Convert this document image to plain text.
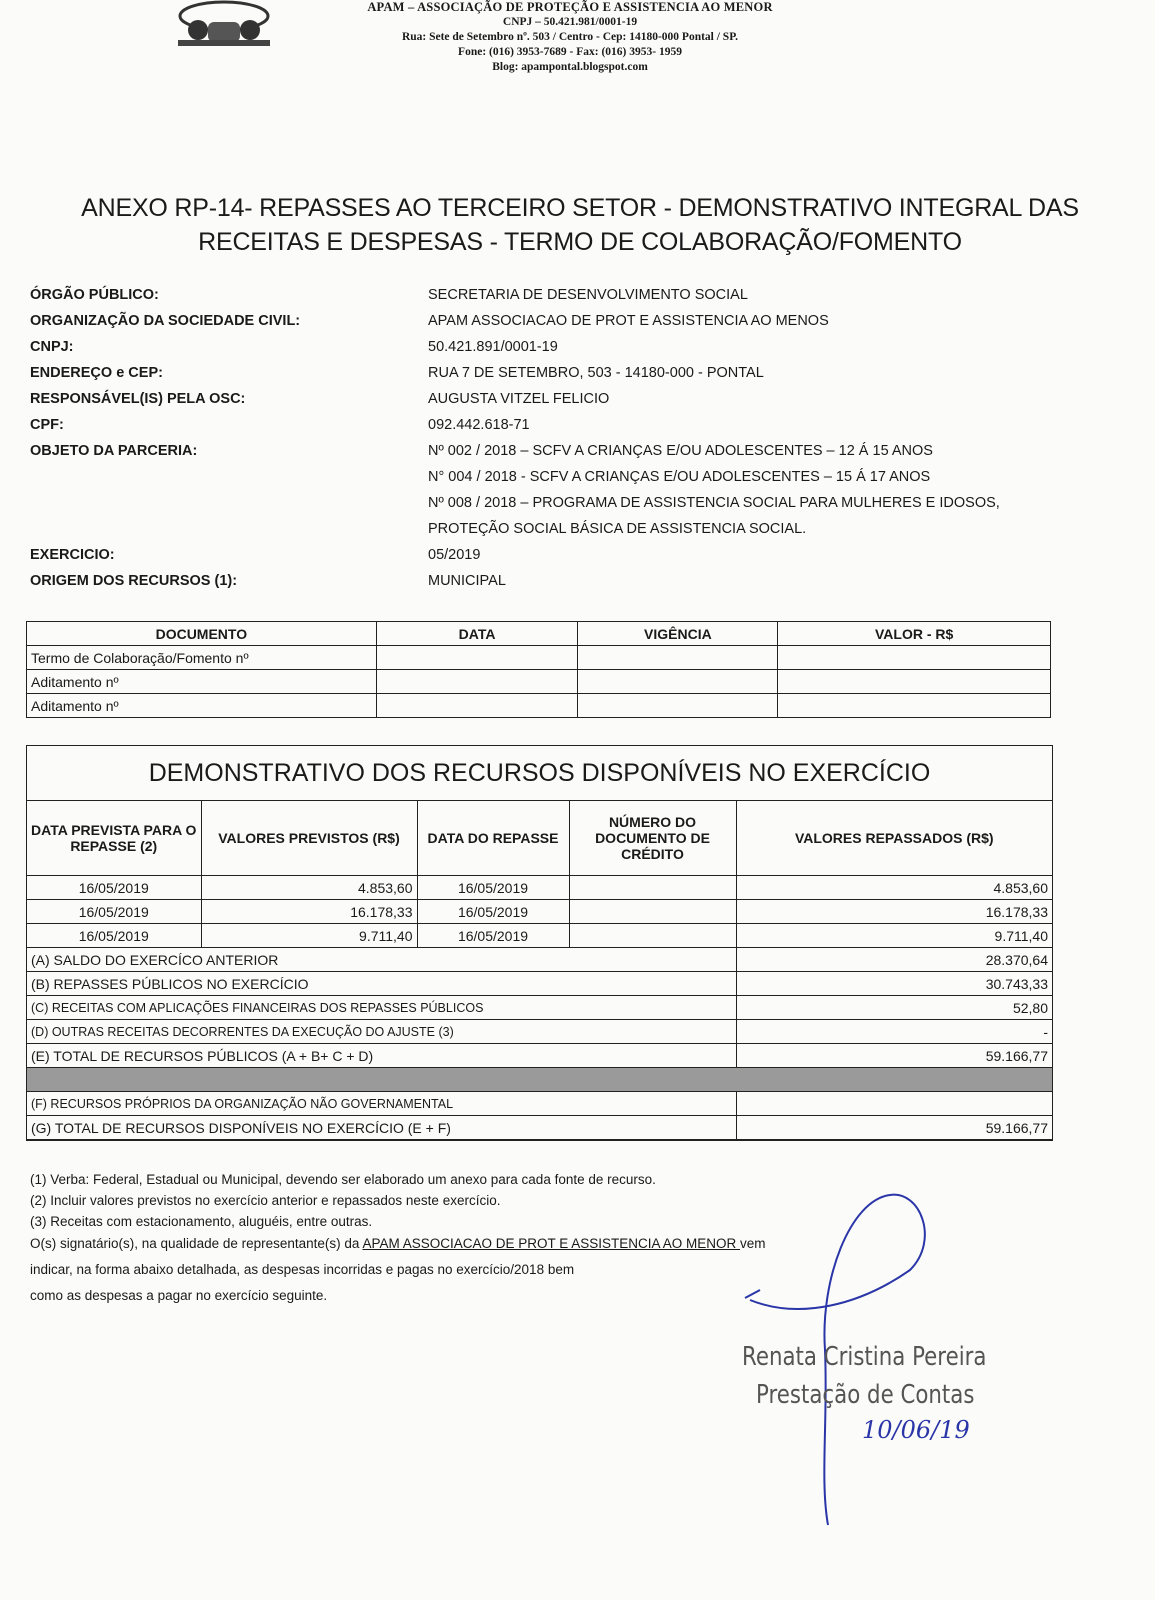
APAM – ASSOCIAÇÃO DE PROTEÇÃO E ASSISTENCIA AO MENOR
CNPJ – 50.421.981/0001-19
Rua: Sete de Setembro nº. 503 / Centro - Cep: 14180-000 Pontal / SP.
Fone: (016) 3953-7689 - Fax: (016) 3953- 1959
Blog: apampontal.blogspot.com
ANEXO RP-14- REPASSES AO TERCEIRO SETOR - DEMONSTRATIVO INTEGRAL DAS
RECEITAS E DESPESAS - TERMO DE COLABORAÇÃO/FOMENTO
ÓRGÃO PÚBLICO:	SECRETARIA DE DESENVOLVIMENTO SOCIAL
ORGANIZAÇÃO DA SOCIEDADE CIVIL:	APAM ASSOCIACAO DE PROT E ASSISTENCIA AO MENOS
CNPJ:	50.421.891/0001-19
ENDEREÇO e CEP:	RUA 7 DE SETEMBRO, 503 - 14180-000 - PONTAL
RESPONSÁVEL(IS) PELA OSC:	AUGUSTA VITZEL FELICIO
CPF:	092.442.618-71
OBJETO DA PARCERIA:	Nº 002 / 2018 – SCFV A CRIANÇAS E/OU ADOLESCENTES – 12 Á 15 ANOS
N° 004 / 2018 - SCFV A CRIANÇAS E/OU ADOLESCENTES – 15 Á 17 ANOS
Nº 008 / 2018 – PROGRAMA DE ASSISTENCIA SOCIAL PARA MULHERES E IDOSOS,
PROTEÇÃO SOCIAL BÁSICA DE ASSISTENCIA SOCIAL.
EXERCICIO:	05/2019
ORIGEM DOS RECURSOS (1):	MUNICIPAL
DOCUMENTO	DATA	VIGÊNCIA	VALOR - R$
Termo de Colaboração/Fomento nº			
Aditamento nº			
Aditamento nº			
DEMONSTRATIVO DOS RECURSOS DISPONÍVEIS NO EXERCÍCIO
DATA PREVISTA PARA O REPASSE (2)	VALORES PREVISTOS (R$)	DATA DO REPASSE	NÚMERO DO DOCUMENTO DE CRÉDITO	VALORES REPASSADOS (R$)
16/05/2019	4.853,60	16/05/2019		4.853,60
16/05/2019	16.178,33	16/05/2019		16.178,33
16/05/2019	9.711,40	16/05/2019		9.711,40
(A) SALDO DO EXERCÍCO ANTERIOR				28.370,64
(B) REPASSES PÚBLICOS NO EXERCÍCIO				30.743,33
(C) RECEITAS COM APLICAÇÕES FINANCEIRAS DOS REPASSES PÚBLICOS				52,80
(D) OUTRAS RECEITAS DECORRENTES DA EXECUÇÃO DO AJUSTE (3)				-
(E) TOTAL DE RECURSOS PÚBLICOS (A + B+ C + D)				59.166,77

(F) RECURSOS PRÓPRIOS DA ORGANIZAÇÃO NÃO GOVERNAMENTAL				
(G) TOTAL DE RECURSOS DISPONÍVEIS NO EXERCÍCIO (E + F)				59.166,77
(1) Verba: Federal, Estadual ou Municipal, devendo ser elaborado um anexo para cada fonte de recurso.
(2) Incluir valores previstos no exercício anterior e repassados neste exercício.
(3) Receitas com estacionamento, aluguéis, entre outras.
O(s) signatário(s), na qualidade de representante(s) da APAM ASSOCIACAO DE PROT E ASSISTENCIA AO MENOR vem
indicar, na forma abaixo detalhada, as despesas incorridas e pagas no exercício/2018 bem
como as despesas a pagar no exercício seguinte.
Renata Cristina Pereira
Prestação de Contas
10/06/19
